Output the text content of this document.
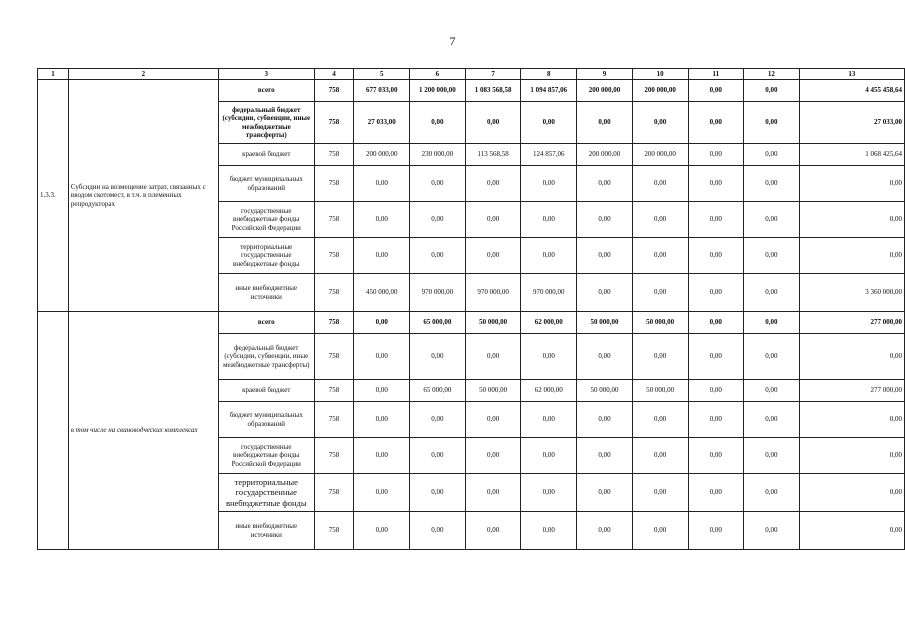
7
1	2	3	4	5	6	7	8	9	10	11	12	13
1.3.3.	Субсидии на возмещение затрат, связанных с вводом скотомест, в т.ч. в племенных репродукторах	всего	758	677 033,00	1 200 000,00	1 083 568,58	1 094 857,06	200 000,00	200 000,00	0,00	0,00	4 455 458,64
		федеральный бюджет (субсидии, субвенции, иные межбюджетные трансферты)	758	27 033,00	0,00	0,00	0,00	0,00	0,00	0,00	0,00	27 033,00
		краевой бюджет	758	200 000,00	230 000,00	113 568,58	124 857,06	200 000,00	200 000,00	0,00	0,00	1 068 425,64
		бюджет муниципальных образований	758	0,00	0,00	0,00	0,00	0,00	0,00	0,00	0,00	0,00
		государственные внебюджетные фонды Российской Федерации	758	0,00	0,00	0,00	0,00	0,00	0,00	0,00	0,00	0,00
		территориальные государственные внебюджетные фонды	758	0,00	0,00	0,00	0,00	0,00	0,00	0,00	0,00	0,00
		иные внебюджетные источники	758	450 000,00	970 000,00	970 000,00	970 000,00	0,00	0,00	0,00	0,00	3 360 000,00
	в том числе на свиноводческих комплексах	всего	758	0,00	65 000,00	50 000,00	62 000,00	50 000,00	50 000,00	0,00	0,00	277 000,00
		федеральный бюджет (субсидии, субвенции, иные межбюджетные трансферты)	758	0,00	0,00	0,00	0,00	0,00	0,00	0,00	0,00	0,00
		краевой бюджет	758	0,00	65 000,00	50 000,00	62 000,00	50 000,00	50 000,00	0,00	0,00	277 000,00
		бюджет муниципальных образований	758	0,00	0,00	0,00	0,00	0,00	0,00	0,00	0,00	0,00
		государственные внебюджетные фонды Российской Федерации	758	0,00	0,00	0,00	0,00	0,00	0,00	0,00	0,00	0,00
		территориальные государственные внебюджетные фонды	758	0,00	0,00	0,00	0,00	0,00	0,00	0,00	0,00	0,00
		иные внебюджетные источники	758	0,00	0,00	0,00	0,00	0,00	0,00	0,00	0,00	0,00
